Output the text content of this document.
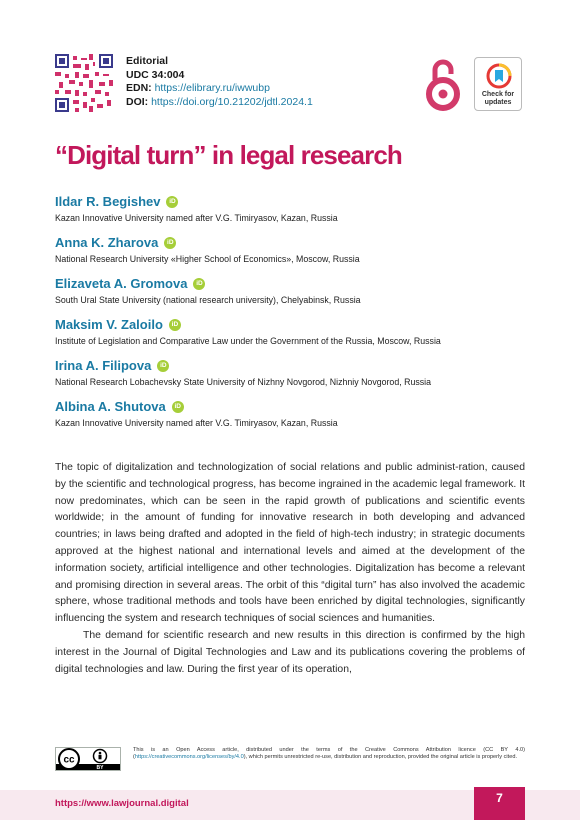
Editorial
UDC 34:004
EDN: https://elibrary.ru/iwwubp
DOI: https://doi.org/10.21202/jdtl.2024.1
Check for updates
“Digital turn” in legal research
Ildar R. Begishev	iD
Kazan Innovative University named after V.G. Timiryasov, Kazan, Russia
Anna K. Zharova	iD
National Research University «Higher School of Economics», Moscow, Russia
Elizaveta A. Gromova	iD
South Ural State University (national research university), Chelyabinsk, Russia
Maksim V. Zaloilo	iD
Institute of Legislation and Comparative Law under the Government of the Russia, Moscow, Russia
Irina A. Filipova	iD
National Research Lobachevsky State University of Nizhny Novgorod, Nizhniy Novgorod, Russia
Albina A. Shutova	iD
Kazan Innovative University named after V.G. Timiryasov, Kazan, Russia

The topic of digitalization and technologization of social relations and public administ-ration, caused by the scientific and technological progress, has become ingrained in the academic legal framework. It now predominates, which can be seen in the rapid growth of publications and scientific events worldwide; in the amount of funding for innovative research in both developing and advanced countries; in laws being drafted and adopted in the field of high-tech industry; in strategic documents approved at the highest national and international levels and aimed at the development of the information society, artificial intelligence and other technologies. Digitalization has become a relevant and promising direction in several areas. The orbit of this “digital turn” has also involved the academic sphere, whose traditional methods and tools have been enriched by digital technologies, significantly influencing the system and research techniques of social sciences and humanities.

The demand for scientific research and new results in this direction is confirmed by the high interest in the Journal of Digital Technologies and Law and its publications covering the problems of digital technologies and law. During the first year of its operation,

cc
BY
This is an Open Access article, distributed under the terms of the Creative Commons Attribution licence (CC BY 4.0) (https://creativecommons.org/licenses/by/4.0), which permits unrestricted re-use, distribution and reproduction, provided the original article is properly cited.
https://www.lawjournal.digital	7
